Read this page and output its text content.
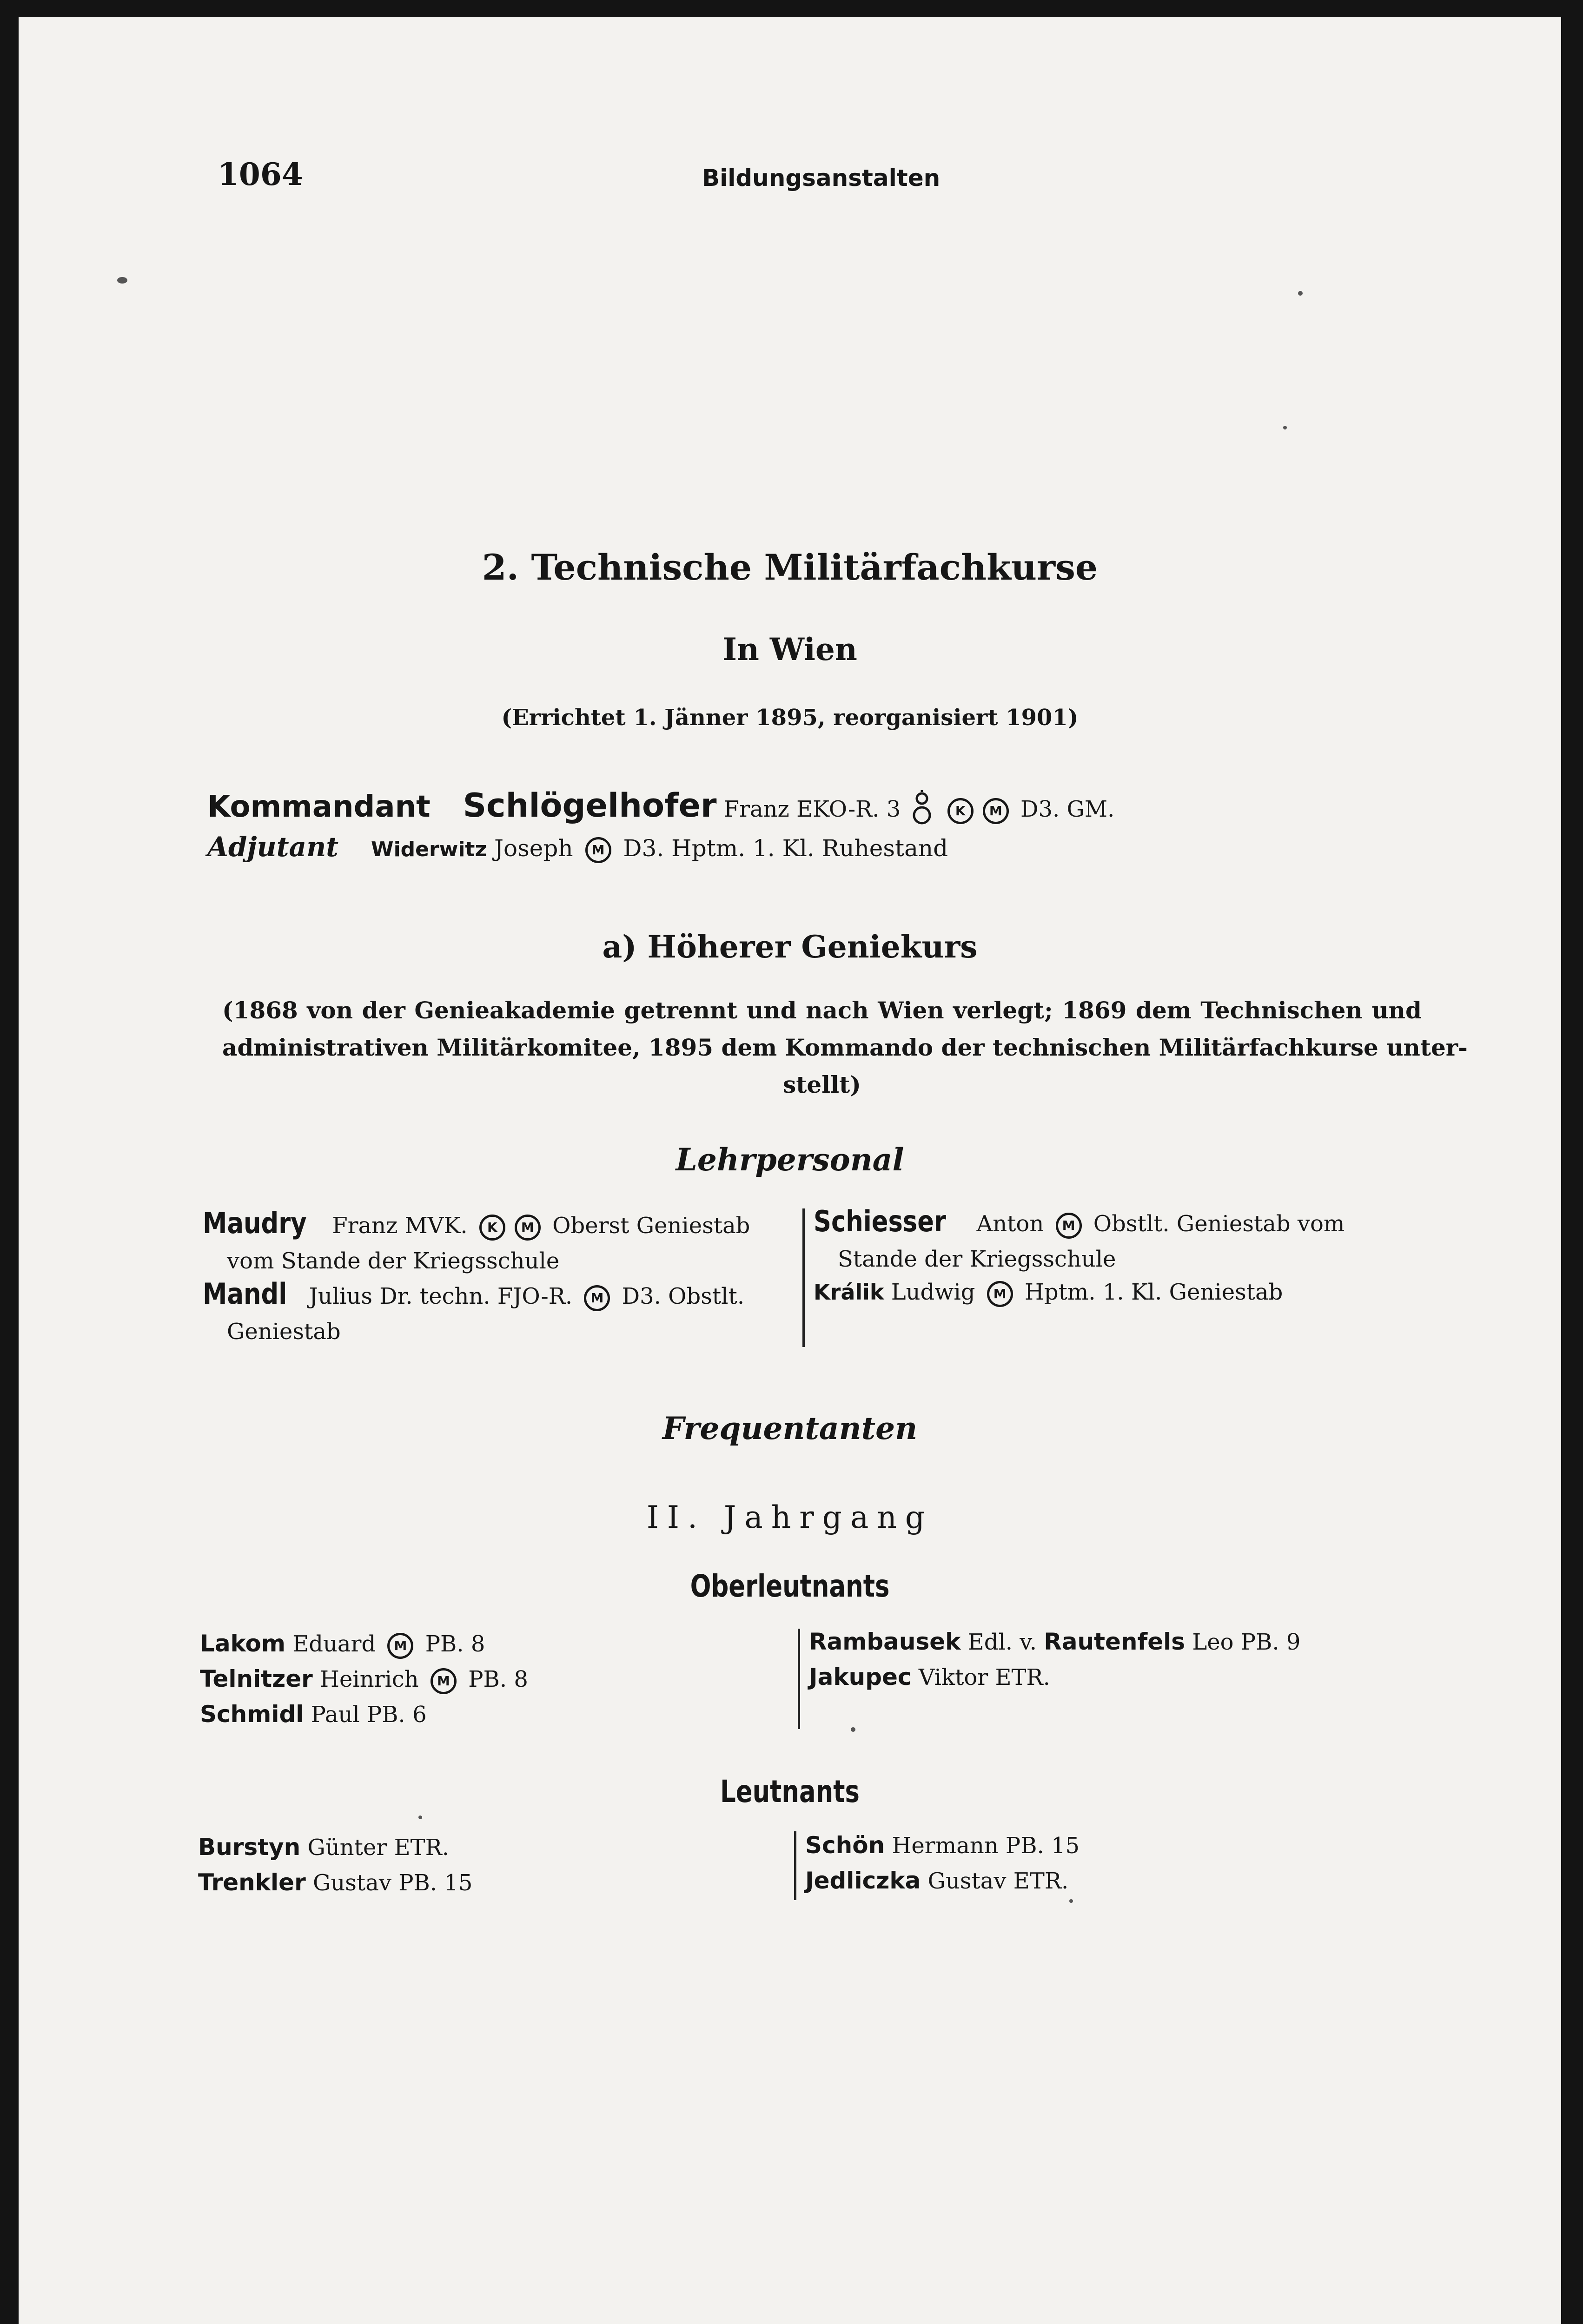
1064	Bildungsanstalten
2. Technische Militärfachkurse
In Wien
(Errichtet 1. Jänner 1895, reorganisiert 1901)
Kommandant Schlögelhofer Franz EKO-R. 3	K M D3. GM.
Adjutant Widerwitz Joseph M D3. Hptm. 1. Kl. Ruhestand
a) Höherer Geniekurs
(1868 von der Genieakademie getrennt und nach Wien verlegt; 1869 dem Technischen und
administrativen Militärkomitee, 1895 dem Kommando der technischen Militärfachkurse unter-
stellt)
Lehrpersonal
Maudry Franz MVK. K M Oberst Geniestab
vom Stande der Kriegsschule
Mandl Julius Dr. techn. FJO-R. M D3. Obstlt.
Geniestab
Schiesser Anton M Obstlt. Geniestab vom
Stande der Kriegsschule
Králik Ludwig M Hptm. 1. Kl. Geniestab
Frequentanten
II. Jahrgang
Oberleutnants
Lakom Eduard M PB. 8
Telnitzer Heinrich M PB. 8
Schmidl Paul PB. 6
Rambausek Edl. v. Rautenfels Leo PB. 9
Jakupec Viktor ETR.
Leutnants
Burstyn Günter ETR.
Trenkler Gustav PB. 15
Schön Hermann PB. 15
Jedliczka Gustav ETR.
